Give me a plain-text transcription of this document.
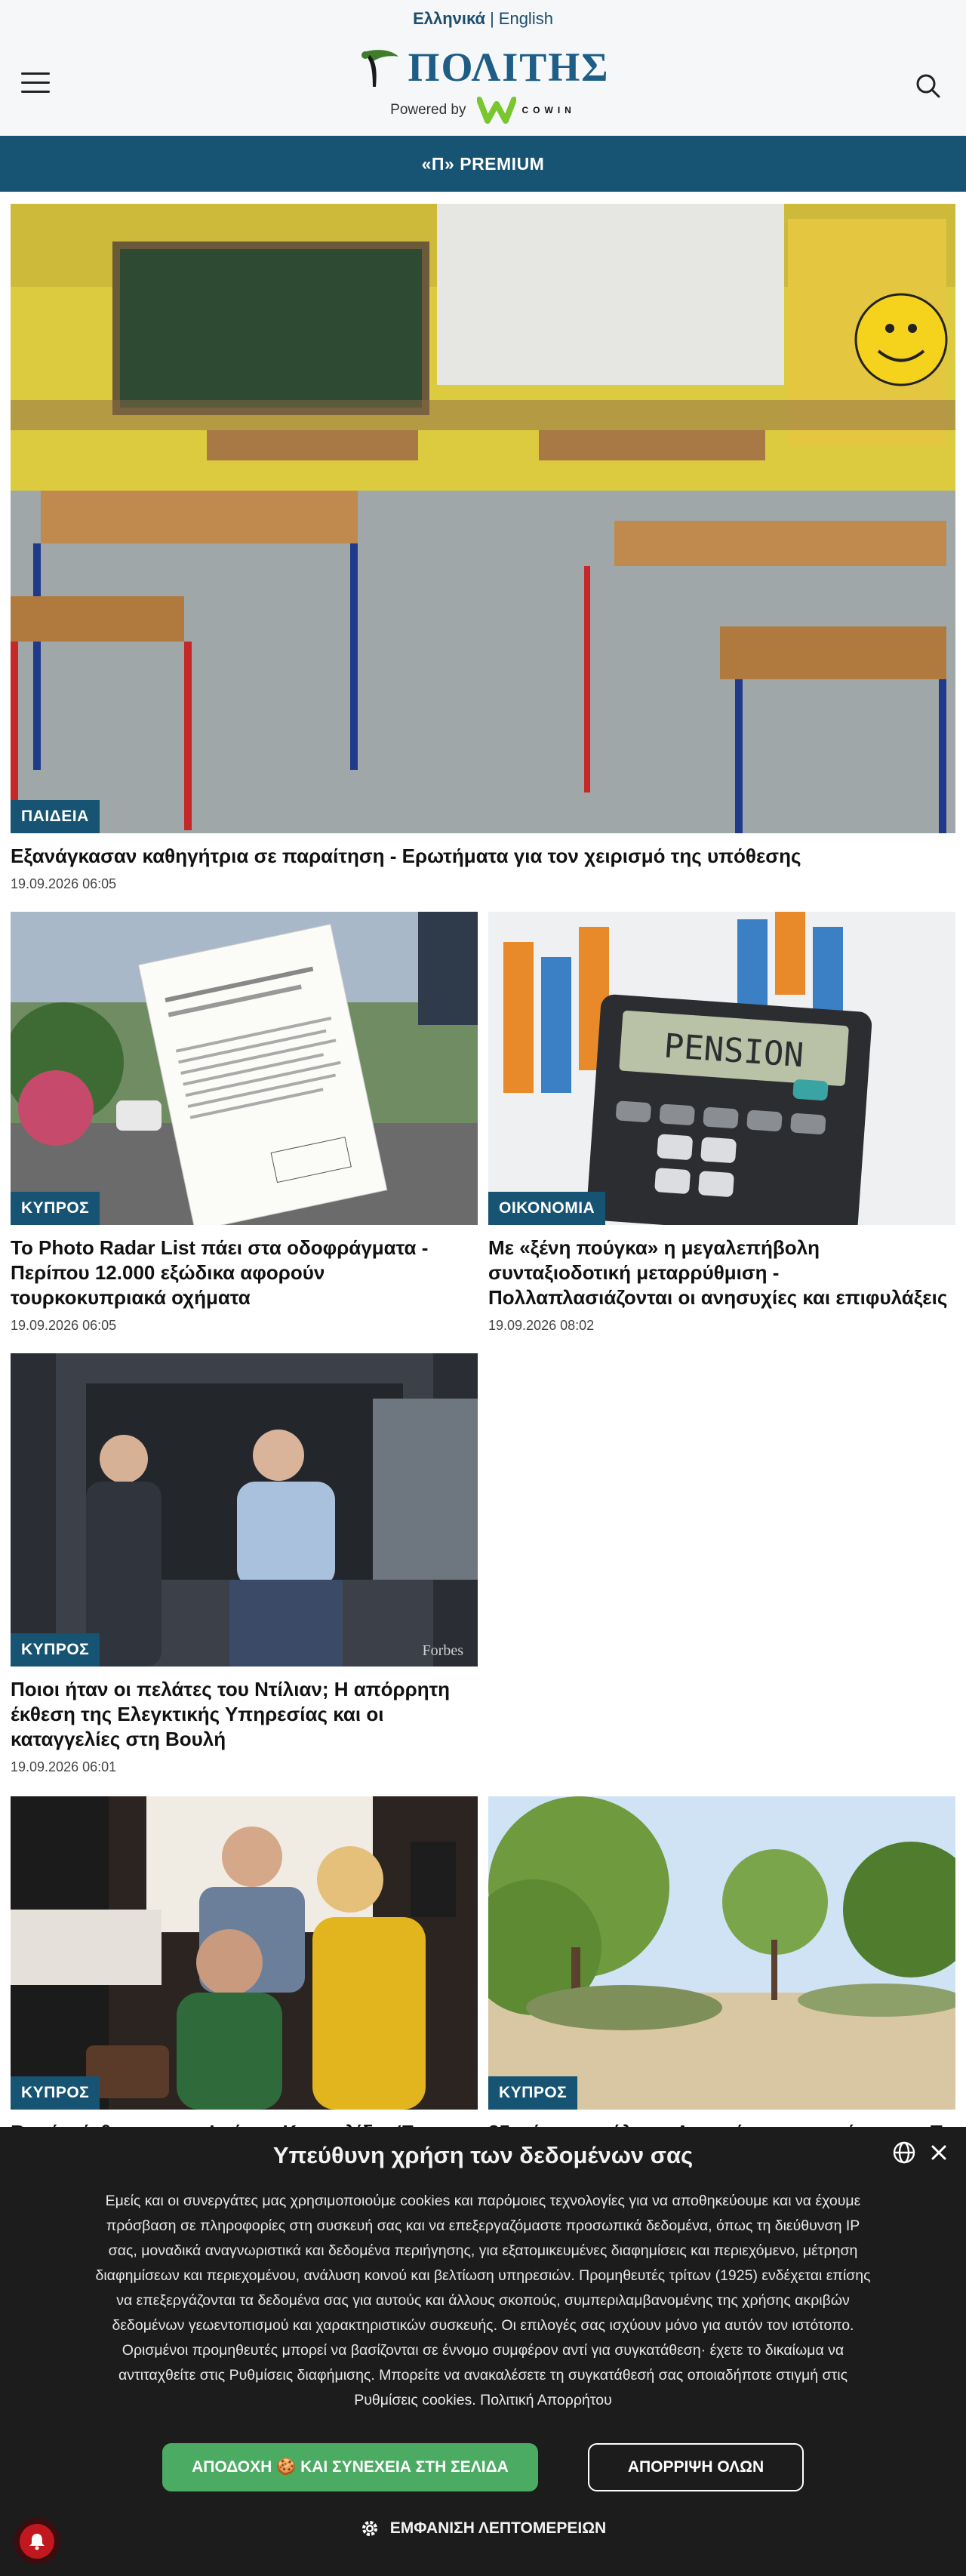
Ελληνικά | English
ΠΟΛΙΤΗΣ
Powered by	COWIN
«Π» PREMIUM
ΠΑΙΔΕΙΑ
Εξανάγκασαν καθηγήτρια σε παραίτηση - Ερωτήματα για τον χειρισμό της υπόθεσης
19.09.2026 06:05
ΚΥΠΡΟΣ
Το Photo Radar List πάει στα οδοφράγματα - Περίπου 12.000 εξώδικα αφορούν τουρκοκυπριακά οχήματα
19.09.2026 06:05
PENSION
ΟΙΚΟΝΟΜΙΑ
Με «ξένη πούγκα» η μεγαλεπήβολη συνταξιοδοτική μεταρρύθμιση - Πολλαπλασιάζονται οι ανησυχίες και επιφυλάξεις
19.09.2026 08:02
Forbes
ΚΥΠΡΟΣ
Ποιοι ήταν οι πελάτες του Ντίλιαν; Η απόρρητη έκθεση της Ελεγκτικής Υπηρεσίας και οι καταγγελίες στη Βουλή
19.09.2026 06:01
ΚΥΠΡΟΣ	ΚΥΠΡΟΣ
Υπεύθυνη χρήση των δεδομένων σας

Εμείς και οι συνεργάτες μας χρησιμοποιούμε cookies και παρόμοιες τεχνολογίες για να αποθηκεύουμε και να έχουμε πρόσβαση σε πληροφορίες στη συσκευή σας και να επεξεργαζόμαστε προσωπικά δεδομένα, όπως τη διεύθυνση IP σας, μοναδικά αναγνωριστικά και δεδομένα περιήγησης, για εξατομικευμένες διαφημίσεις και περιεχόμενο, μέτρηση διαφημίσεων και περιεχομένου, ανάλυση κοινού και βελτίωση υπηρεσιών. Προμηθευτές τρίτων (1925) ενδέχεται επίσης να επεξεργάζονται τα δεδομένα σας για αυτούς και άλλους σκοπούς, συμπεριλαμβανομένης της χρήσης ακριβών δεδομένων γεωεντοπισμού και χαρακτηριστικών συσκευής. Οι επιλογές σας ισχύουν μόνο για αυτόν τον ιστότοπο. Ορισμένοι προμηθευτές μπορεί να βασίζονται σε έννομο συμφέρον αντί για συγκατάθεση· έχετε το δικαίωμα να αντιταχθείτε στις Ρυθμίσεις διαφήμισης. Μπορείτε να ανακαλέσετε τη συγκατάθεσή σας οποιαδήποτε στιγμή στις Ρυθμίσεις cookies. Πολιτική Απορρήτου

ΑΠΟΔΟΧΗ 🍪 ΚΑΙ ΣΥΝΕΧΕΙΑ ΣΤΗ ΣΕΛΙΔΑ	ΑΠΟΡΡΙΨΗ ΟΛΩΝ
ΕΜΦΑΝΙΣΗ ΛΕΠΤΟΜΕΡΕΙΩΝ
